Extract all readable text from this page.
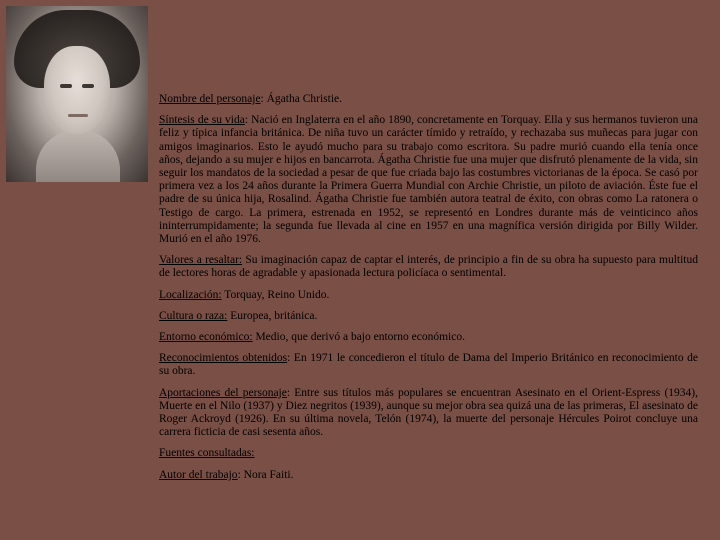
Nombre del personaje: Ágatha Christie.

Síntesis de su vida: Nació en Inglaterra en el año 1890, concretamente en Torquay. Ella y sus hermanos tuvieron una feliz y típica infancia británica. De niña tuvo un carácter tímido y retraído, y rechazaba sus muñecas para jugar con amigos imaginarios. Esto le ayudó mucho para su trabajo como escritora. Su padre murió cuando ella tenía once años, dejando a su mujer e hijos en bancarrota. Ágatha Christie fue una mujer que disfrutó plenamente de la vida, sin seguir los mandatos de la sociedad a pesar de que fue criada bajo las costumbres victorianas de la época. Se casó por primera vez a los 24 años durante la Primera Guerra Mundial con Archie Christie, un piloto de aviación. Éste fue el padre de su única hija, Rosalind. Ágatha Christie fue también autora teatral de éxito, con obras como La ratonera o Testigo de cargo. La primera, estrenada en 1952, se representó en Londres durante más de veinticinco años ininterrumpidamente; la segunda fue llevada al cine en 1957 en una magnífica versión dirigida por Billy Wilder. Murió en el año 1976.

Valores a resaltar: Su imaginación capaz de captar el interés, de principio a fin de su obra ha supuesto para multitud de lectores horas de agradable y apasionada lectura policíaca o sentimental.

Localización: Torquay, Reino Unido.

Cultura o raza: Europea, británica.

Entorno económico: Medio, que derivó a bajo entorno económico.

Reconocimientos obtenidos: En 1971 le concedieron el título de Dama del Imperio Británico en reconocimiento de su obra.

Aportaciones del personaje: Entre sus títulos más populares se encuentran Asesinato en el Orient-Espress (1934), Muerte en el Nilo (1937) y Diez negritos (1939), aunque su mejor obra sea quizá una de las primeras, El asesinato de Roger Ackroyd (1926). En su última novela, Telón (1974), la muerte del personaje Hércules Poirot concluye una carrera ficticia de casi sesenta años.

Fuentes consultadas:

Autor del trabajo: Nora Faiti.
